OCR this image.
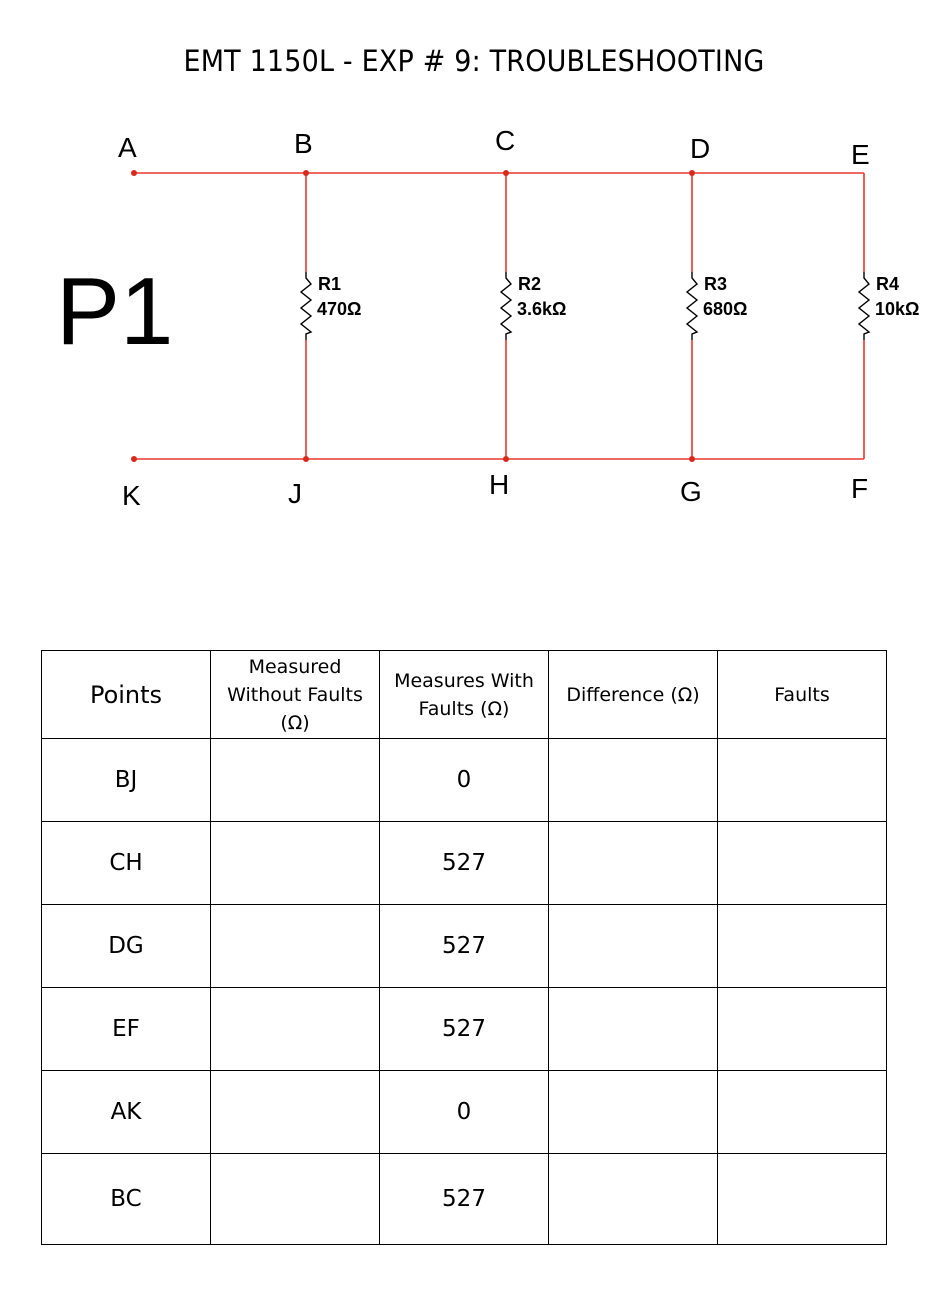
EMT 1150L - EXP # 9: TROUBLESHOOTING
A	B	C	D	E
K	J	H	G	F
P1	R1
470Ω
R2
3.6kΩ
R3
680Ω
R4
10kΩ
Points	Measured Without Faults (Ω)	Measures With Faults (Ω)	Difference (Ω)	Faults
BJ		0		
CH		527		
DG		527		
EF		527		
AK		0		
BC		527		
